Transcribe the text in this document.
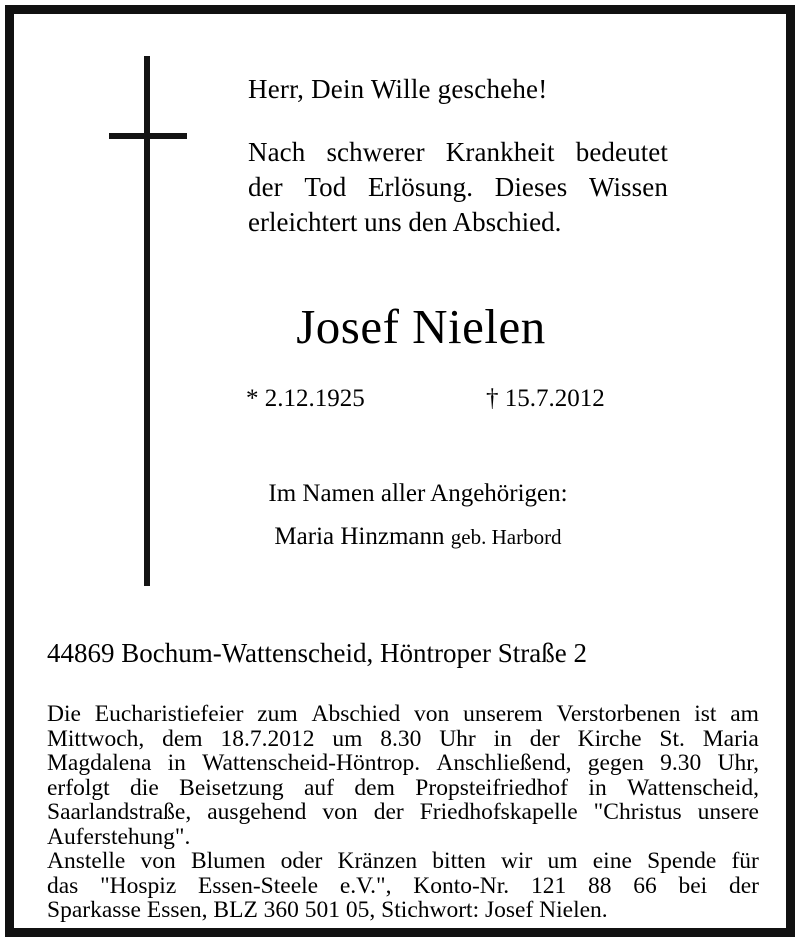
Herr, Dein Wille geschehe!
Nach schwerer Krankheit bedeutet
der Tod Erlösung. Dieses Wissen
erleichtert uns den Abschied.
Josef Nielen
* 2.12.1925	† 15.7.2012
Im Namen aller Angehörigen:
Maria Hinzmann geb. Harbord
44869 Bochum-Wattenscheid, Höntroper Straße 2

Die Eucharistiefeier zum Abschied von unserem Verstorbenen ist am
Mittwoch, dem 18.7.2012 um 8.30 Uhr in der Kirche St. Maria
Magdalena in Wattenscheid-Höntrop. Anschließend, gegen 9.30 Uhr,
erfolgt die Beisetzung auf dem Propsteifriedhof in Wattenscheid,
Saarlandstraße, ausgehend von der Friedhofskapelle "Christus unsere
Auferstehung".

Anstelle von Blumen oder Kränzen bitten wir um eine Spende für
das "Hospiz Essen-Steele e.V.", Konto-Nr. 121 88 66 bei der
Sparkasse Essen, BLZ 360 501 05, Stichwort: Josef Nielen.
